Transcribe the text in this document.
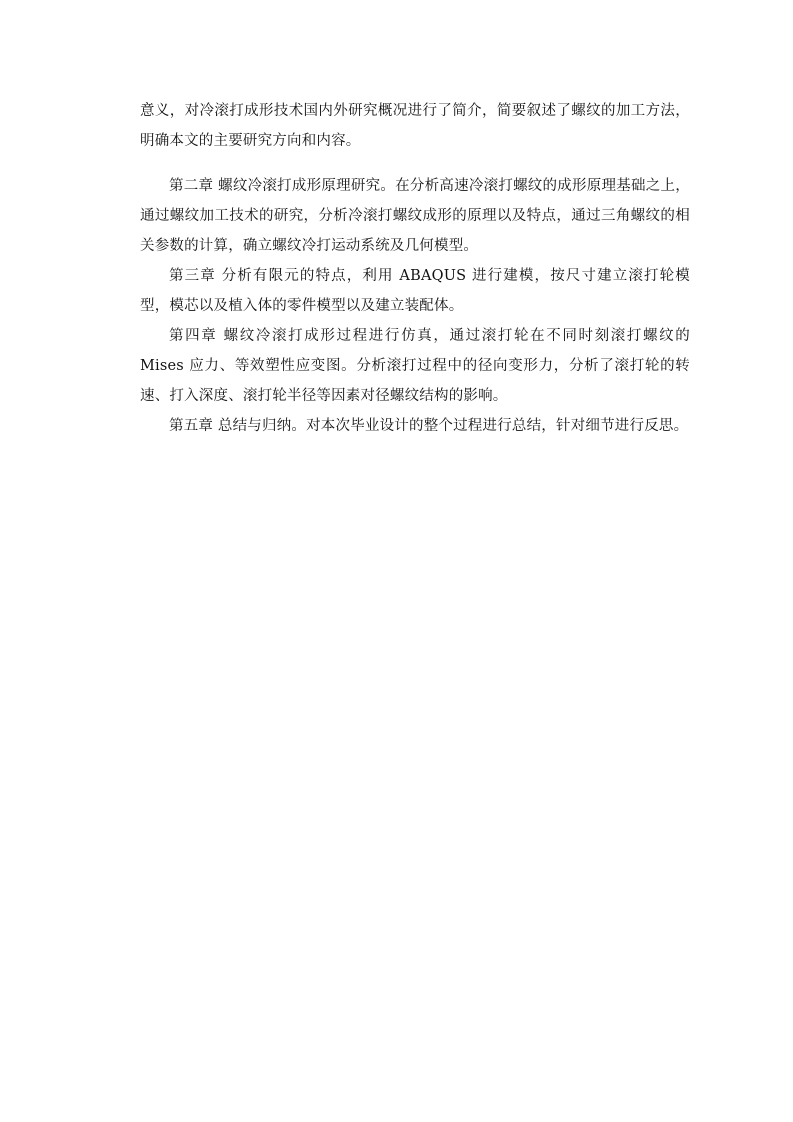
意义，对冷滚打成形技术国内外研究概况进行了简介，简要叙述了螺纹的加工方法，明确本文的主要研究方向和内容。

第二章 螺纹冷滚打成形原理研究。在分析高速冷滚打螺纹的成形原理基础之上，通过螺纹加工技术的研究，分析冷滚打螺纹成形的原理以及特点，通过三角螺纹的相关参数的计算，确立螺纹冷打运动系统及几何模型。

第三章 分析有限元的特点，利用 ABAQUS 进行建模，按尺寸建立滚打轮模型，模芯以及植入体的零件模型以及建立装配体。

第四章 螺纹冷滚打成形过程进行仿真，通过滚打轮在不同时刻滚打螺纹的 Mises 应力、等效塑性应变图。分析滚打过程中的径向变形力，分析了滚打轮的转速、打入深度、滚打轮半径等因素对径螺纹结构的影响。

第五章 总结与归纳。对本次毕业设计的整个过程进行总结，针对细节进行反思。
